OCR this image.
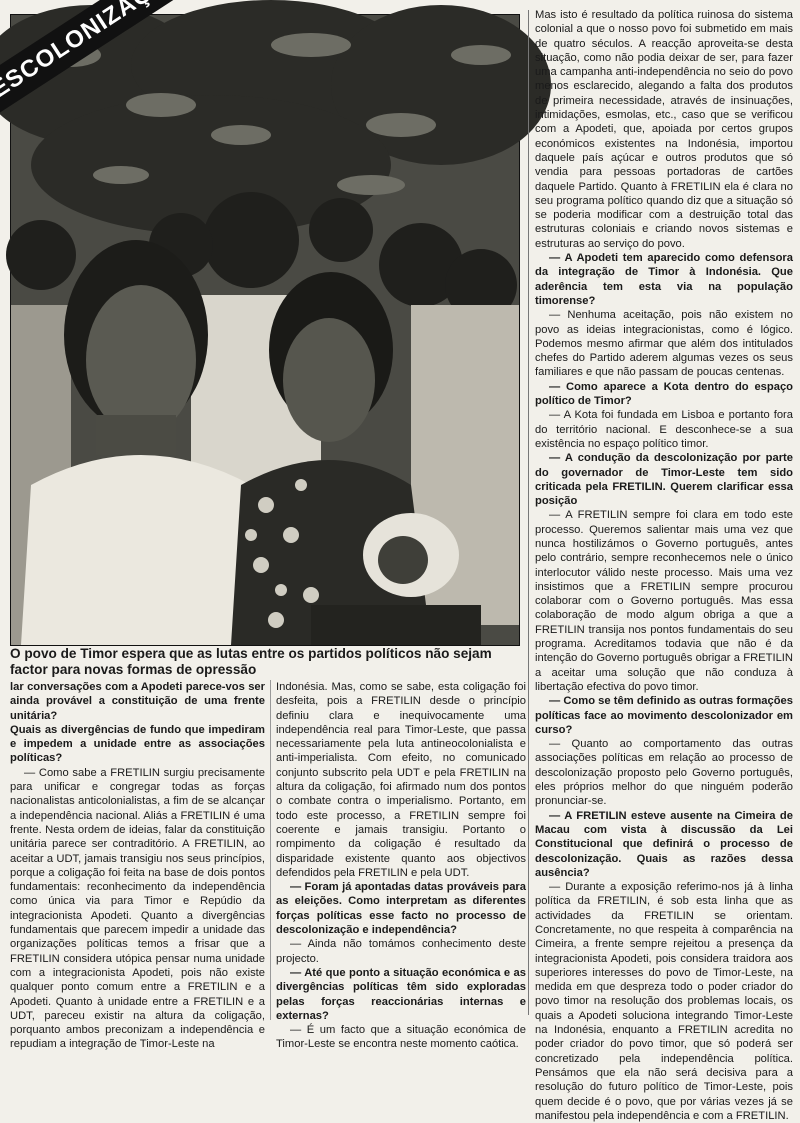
O povo de Timor espera que as lutas entre os partidos políticos não sejam factor para novas formas de opressão

lar conversações com a Apodeti parece-vos ser ainda provável a constituição de uma frente unitária?

Quais as divergências de fundo que impediram e impedem a unidade entre as associações políticas?

— Como sabe a FRETILIN surgiu precisamente para unificar e congregar todas as forças nacionalistas anticolonialistas, a fim de se alcançar a independência nacional. Aliás a FRETILIN é uma frente. Nesta ordem de ideias, falar da constituição unitária parece ser contraditório. A FRETILIN, ao aceitar a UDT, jamais transigiu nos seus princípios, porque a coligação foi feita na base de dois pontos fundamentais: reconhecimento da independência como única via para Timor e Repúdio da integracionista Apodeti. Quanto a divergências fundamentais que parecem impedir a unidade das organizações políticas temos a frisar que a FRETILIN considera utópica pensar numa unidade com a integracionista Apodeti, pois não existe qualquer ponto comum entre a FRETILIN e a Apodeti. Quanto à unidade entre a FRETILIN e a UDT, pareceu existir na altura da coligação, porquanto ambos preconizam a independência e repudiam a integração de Timor-Leste na

Indonésia. Mas, como se sabe, esta coligação foi desfeita, pois a FRETILIN desde o princípio definiu clara e inequivocamente uma independência real para Timor-Leste, que passa necessariamente pela luta antineocolonialista e anti-imperialista. Com efeito, no comunicado conjunto subscrito pela UDT e pela FRETILIN na altura da coligação, foi afirmado num dos pontos o combate contra o imperialismo. Portanto, em todo este processo, a FRETILIN sempre foi coerente e jamais transigiu. Portanto o rompimento da coligação é resultado da disparidade existente quanto aos objectivos defendidos pela FRETILIN e pela UDT.

— Foram já apontadas datas prováveis para as eleições. Como interpretam as diferentes forças políticas esse facto no processo de descolonização e independência?

— Ainda não tomámos conhecimento deste projecto.

— Até que ponto a situação económica e as divergências políticas têm sido exploradas pelas forças reaccionárias internas e externas?

— É um facto que a situação económica de Timor-Leste se encontra neste momento caótica.

Mas isto é resultado da política ruinosa do sistema colonial a que o nosso povo foi submetido em mais de quatro séculos. A reacção aproveita-se desta situação, como não podia deixar de ser, para fazer uma campanha anti-independência no seio do povo menos esclarecido, alegando a falta dos produtos de primeira necessidade, através de insinuações, intimidações, esmolas, etc., caso que se verificou com a Apodeti, que, apoiada por certos grupos económicos existentes na Indonésia, importou daquele país açúcar e outros produtos que só vendia para pessoas portadoras de cartões daquele Partido. Quanto à FRETILIN ela é clara no seu programa político quando diz que a situação só se poderia modificar com a destruição total das estruturas coloniais e criando novos sistemas e estruturas ao serviço do povo.

— A Apodeti tem aparecido como defensora da integração de Timor à Indonésia. Que aderência tem esta via na população timorense?

— Nenhuma aceitação, pois não existem no povo as ideias integracionistas, como é lógico. Podemos mesmo afirmar que além dos intitulados chefes do Partido aderem algumas vezes os seus familiares e que não passam de poucas centenas.

— Como aparece a Kota dentro do espaço político de Timor?

— A Kota foi fundada em Lisboa e portanto fora do território nacional. E desconhece-se a sua existência no espaço político timor.

— A condução da descolonização por parte do governador de Timor-Leste tem sido criticada pela FRETILIN. Querem clarificar essa posição

— A FRETILIN sempre foi clara em todo este processo. Queremos salientar mais uma vez que nunca hostilizámos o Governo português, antes pelo contrário, sempre reconhecemos nele o único interlocutor válido neste processo. Mais uma vez insistimos que a FRETILIN sempre procurou colaborar com o Governo português. Mas essa colaboração de modo algum obriga a que a FRETILIN transija nos pontos fundamentais do seu programa. Acreditamos todavia que não é da intenção do Governo português obrigar a FRETILIN a aceitar uma solução que não conduza à libertação efectiva do povo timor.

— Como se têm definido as outras formações políticas face ao movimento descolonizador em curso?

— Quanto ao comportamento das outras associações políticas em relação ao processo de descolonização proposto pelo Governo português, eles próprios melhor do que ninguém poderão pronunciar-se.

— A FRETILIN esteve ausente na Cimeira de Macau com vista à discussão da Lei Constitucional que definirá o processo de descolonização. Quais as razões dessa ausência?

— Durante a exposição referimo-nos já à linha política da FRETILIN, é sob esta linha que as actividades da FRETILIN se orientam. Concretamente, no que respeita à comparência na Cimeira, a frente sempre rejeitou a presença da integracionista Apodeti, pois considera traidora aos superiores interesses do povo de Timor-Leste, na medida em que despreza todo o poder criador do povo timor na resolução dos problemas locais, os quais a Apodeti soluciona integrando Timor-Leste na Indonésia, enquanto a FRETILIN acredita no poder criador do povo timor, que só poderá ser concretizado pela independência política. Pensámos que ela não será decisiva para a resolução do futuro político de Timor-Leste, pois quem decide é o povo, que por várias vezes já se manifestou pela independência e com a FRETILIN.
